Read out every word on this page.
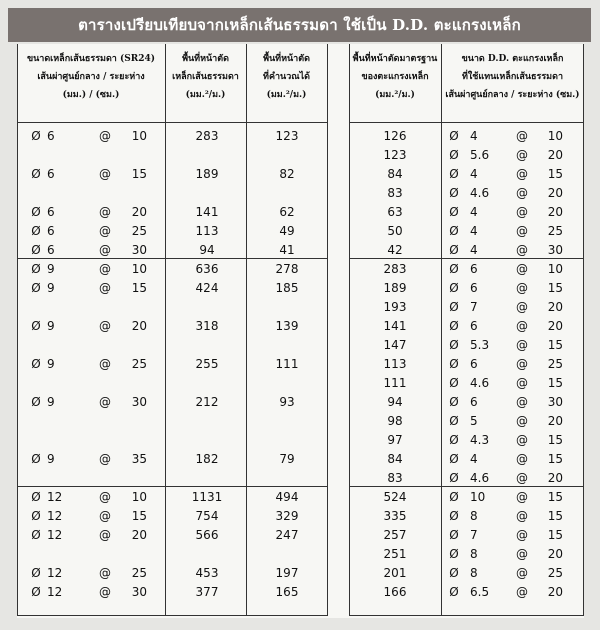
ตารางเปรียบเทียบจากเหล็กเส้นธรรมดา ใช้เป็น D.D. ตะแกรงเหล็ก
ขนาดเหล็กเส้นธรรมดา (SR24)
เส้นผ่าศูนย์กลาง / ระยะห่าง
(มม.) / (ซม.)
พื้นที่หน้าตัด
เหล็กเส้นธรรมดา
(มม.²/ม.)
พื้นที่หน้าตัด
ที่คำนวณได้
(มม.²/ม.)
พื้นที่หน้าตัดมาตรฐาน
ของตะแกรงเหล็ก
(มม.²/ม.)
ขนาด D.D. ตะแกรงเหล็ก
ที่ใช้แทนเหล็กเส้นธรรมดา
เส้นผ่าศูนย์กลาง / ระยะห่าง (ซม.)
Ø 6	@	10	283	123
Ø 6	@	15	189	82
Ø 6	@	20	141	62
Ø 6	@	25	113	49
Ø 6	@	30	94	41
Ø 9	@	10	636	278
Ø 9	@	15	424	185
Ø 9	@	20	318	139
Ø 9	@	25	255	111
Ø 9	@	30	212	93
Ø 9	@	35	182	79
Ø 12	@	10	1131	494
Ø 12	@	15	754	329
Ø 12	@	20	566	247
Ø 12	@	25	453	197
Ø 12	@	30	377	165
126	Ø 4	@	10
123	Ø 5.6	@	20
84	Ø 4	@	15
83	Ø 4.6	@	20
63	Ø 4	@	20
50	Ø 4	@	25
42	Ø 4	@	30
283	Ø 6	@	10
189	Ø 6	@	15
193	Ø 7	@	20
141	Ø 6	@	20
147	Ø 5.3	@	15
113	Ø 6	@	25
111	Ø 4.6	@	15
94	Ø 6	@	30
98	Ø 5	@	20
97	Ø 4.3	@	15
84	Ø 4	@	15
83	Ø 4.6	@	20
524	Ø 10	@	15
335	Ø 8	@	15
257	Ø 7	@	15
251	Ø 8	@	20
201	Ø 8	@	25
166	Ø 6.5	@	20
